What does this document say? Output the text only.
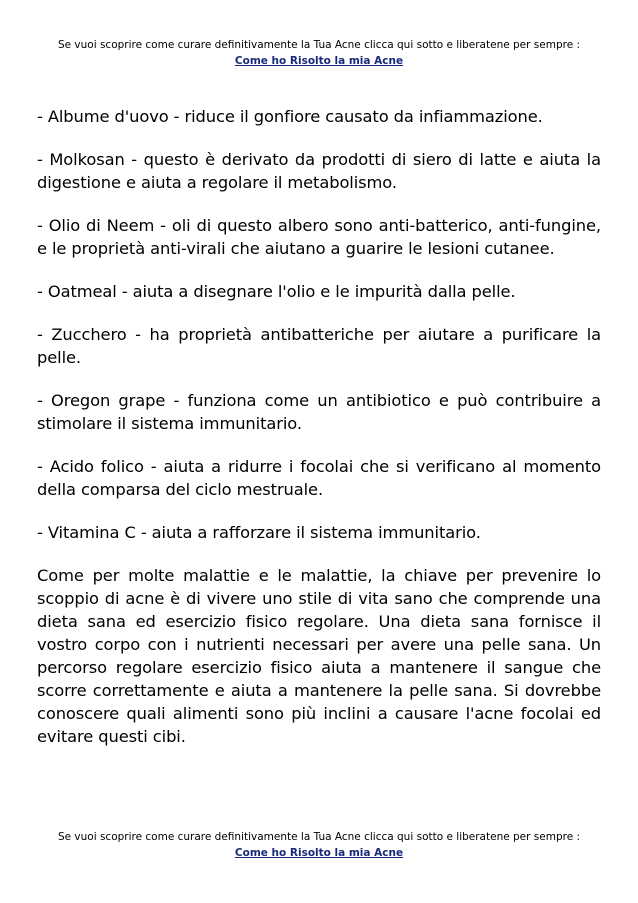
Se vuoi scoprire come curare definitivamente la Tua Acne clicca qui sotto e liberatene per sempre : Come ho Risolto la mia Acne

- Albume d'uovo - riduce il gonfiore causato da infiammazione.

- Molkosan - questo è derivato da prodotti di siero di latte e aiuta la digestione e aiuta a regolare il metabolismo.

- Olio di Neem - oli di questo albero sono anti-batterico, anti-fungine, e le proprietà anti-virali che aiutano a guarire le lesioni cutanee.

- Oatmeal - aiuta a disegnare l'olio e le impurità dalla pelle.

- Zucchero - ha proprietà antibatteriche per aiutare a purificare la pelle.

- Oregon grape - funziona come un antibiotico e può contribuire a stimolare il sistema immunitario.

- Acido folico - aiuta a ridurre i focolai che si verificano al momento della comparsa del ciclo mestruale.

- Vitamina C - aiuta a rafforzare il sistema immunitario.

Come per molte malattie e le malattie, la chiave per prevenire lo scoppio di acne è di vivere uno stile di vita sano che comprende una dieta sana ed esercizio fisico regolare. Una dieta sana fornisce il vostro corpo con i nutrienti necessari per avere una pelle sana. Un percorso regolare esercizio fisico aiuta a mantenere il sangue che scorre correttamente e aiuta a mantenere la pelle sana. Si dovrebbe conoscere quali alimenti sono più inclini a causare l'acne focolai ed evitare questi cibi.

Se vuoi scoprire come curare definitivamente la Tua Acne clicca qui sotto e liberatene per sempre : Come ho Risolto la mia Acne
